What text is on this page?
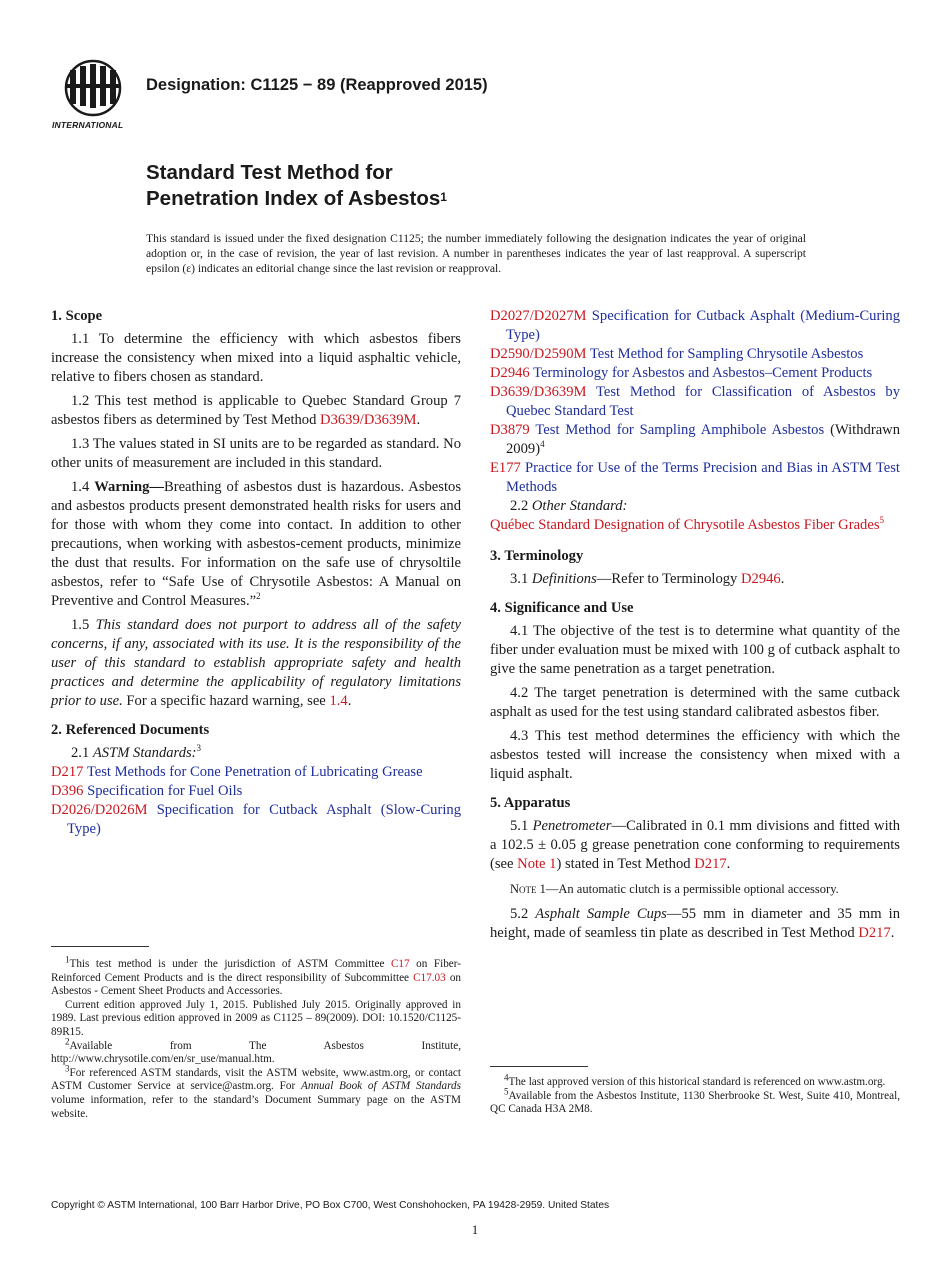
INTERNATIONAL
Designation: C1125 − 89 (Reapproved 2015)
Standard Test Method for
Penetration Index of Asbestos$^1$
This standard is issued under the fixed designation C1125; the number immediately following the designation indicates the year of original adoption or, in the case of revision, the year of last revision. A number in parentheses indicates the year of last reapproval. A superscript epsilon (ε) indicates an editorial change since the last revision or reapproval.
1. Scope

1.1 To determine the efficiency with which asbestos fibers increase the consistency when mixed into a liquid asphaltic vehicle, relative to fibers chosen as standard.

1.2 This test method is applicable to Quebec Standard Group 7 asbestos fibers as determined by Test Method D3639/D3639M.

1.3 The values stated in SI units are to be regarded as standard. No other units of measurement are included in this standard.

1.4 Warning—Breathing of asbestos dust is hazardous. Asbestos and asbestos products present demonstrated health risks for users and for those with whom they come into contact. In addition to other precautions, when working with asbestos-cement products, minimize the dust that results. For information on the safe use of chrysoltile asbestos, refer to “Safe Use of Chrysotile Asbestos: A Manual on Preventive and Control Measures.”$^2$

1.5 This standard does not purport to address all of the safety concerns, if any, associated with its use. It is the responsibility of the user of this standard to establish appropriate safety and health practices and determine the applicability of regulatory limitations prior to use. For a specific hazard warning, see 1.4.

2. Referenced Documents

2.1 ASTM Standards:$^3$

D217 Test Methods for Cone Penetration of Lubricating Grease
D396 Specification for Fuel Oils
D2026/D2026M Specification for Cutback Asphalt (Slow-Curing Type)

$^1$This test method is under the jurisdiction of ASTM Committee C17 on Fiber-Reinforced Cement Products and is the direct responsibility of Subcommittee C17.03 on Asbestos - Cement Sheet Products and Accessories.

Current edition approved July 1, 2015. Published July 2015. Originally approved in 1989. Last previous edition approved in 2009 as C1125 – 89(2009). DOI: 10.1520/C1125-89R15.

$^2$Available from The Asbestos Institute, http://www.chrysotile.com/en/sr_use/manual.htm.

$^3$For referenced ASTM standards, visit the ASTM website, www.astm.org, or contact ASTM Customer Service at service@astm.org. For Annual Book of ASTM Standards volume information, refer to the standard’s Document Summary page on the ASTM website.

D2027/D2027M Specification for Cutback Asphalt (Medium-Curing Type)
D2590/D2590M Test Method for Sampling Chrysotile Asbestos
D2946 Terminology for Asbestos and Asbestos–Cement Products
D3639/D3639M Test Method for Classification of Asbestos by Quebec Standard Test
D3879 Test Method for Sampling Amphibole Asbestos (Withdrawn 2009)$^4$
E177 Practice for Use of the Terms Precision and Bias in ASTM Test Methods

2.2 Other Standard:

Québec Standard Designation of Chrysotile Asbestos Fiber Grades$^5$
3. Terminology

3.1 Definitions—Refer to Terminology D2946.

4. Significance and Use

4.1 The objective of the test is to determine what quantity of the fiber under evaluation must be mixed with 100 g of cutback asphalt to give the same penetration as a target penetration.

4.2 The target penetration is determined with the same cutback asphalt as used for the test using standard calibrated asbestos fiber.

4.3 This test method determines the efficiency with which the asbestos tested will increase the consistency when mixed with a liquid asphalt.

5. Apparatus

5.1 Penetrometer—Calibrated in 0.1 mm divisions and fitted with a 102.5 ± 0.05 g grease penetration cone conforming to requirements (see Note 1) stated in Test Method D217.

Note 1—An automatic clutch is a permissible optional accessory.

5.2 Asphalt Sample Cups—55 mm in diameter and 35 mm in height, made of seamless tin plate as described in Test Method D217.

$^4$The last approved version of this historical standard is referenced on www.astm.org.

$^5$Available from the Asbestos Institute, 1130 Sherbrooke St. West, Suite 410, Montreal, QC Canada H3A 2M8.

Copyright © ASTM International, 100 Barr Harbor Drive, PO Box C700, West Conshohocken, PA 19428-2959. United States
1
